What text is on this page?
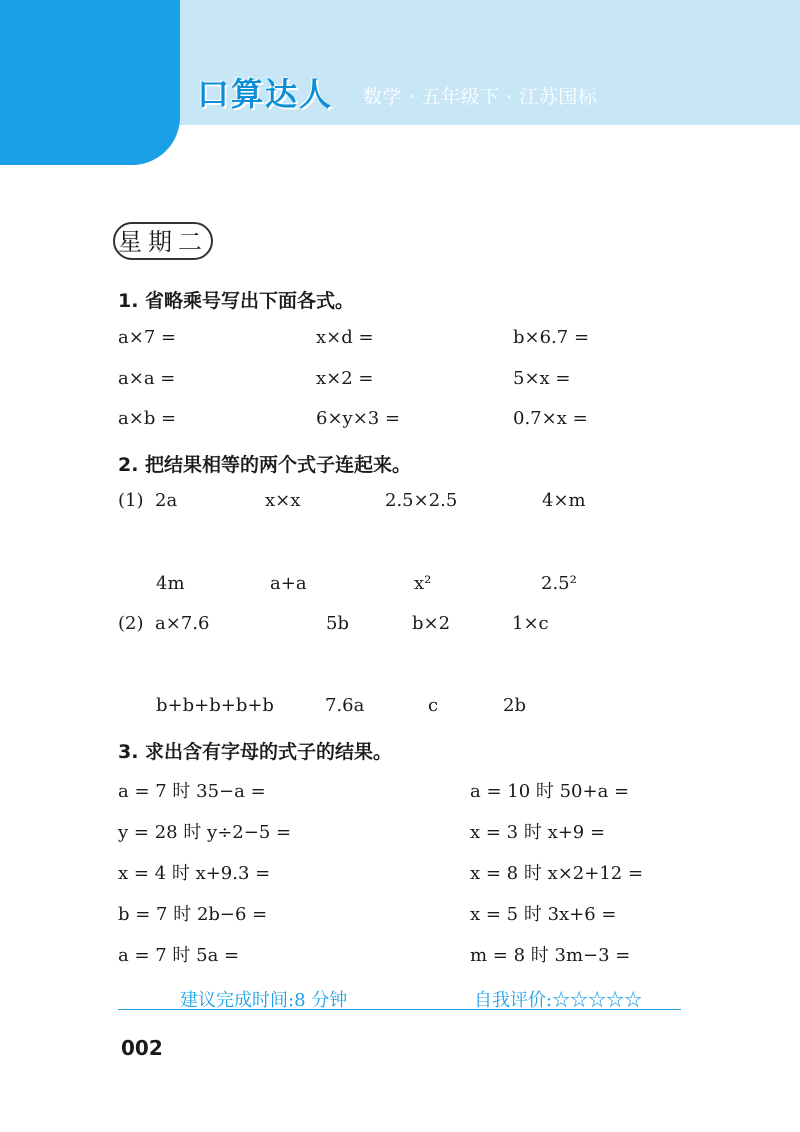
口算达人 数学 · 五年级下 · 江苏国标
星期二
1. 省略乘号写出下面各式。
a×7 =	x×d =	b×6.7 =
a×a =	x×2 =	5×x =
a×b =	6×y×3 =	0.7×x =
2. 把结果相等的两个式子连起来。
(1) 2a	x×x	2.5×2.5	4×m
4m	a+a	x²	2.5²
(2) a×7.6	5b	b×2	1×c
b+b+b+b+b	7.6a	c	2b
3. 求出含有字母的式子的结果。
a = 7 时 35−a =	a = 10 时 50+a =
y = 28 时 y÷2−5 =	x = 3 时 x+9 =
x = 4 时 x+9.3 =	x = 8 时 x×2+12 =
b = 7 时 2b−6 =	x = 5 时 3x+6 =
a = 7 时 5a =	m = 8 时 3m−3 =
建议完成时间:8 分钟	自我评价:☆☆☆☆☆
002
